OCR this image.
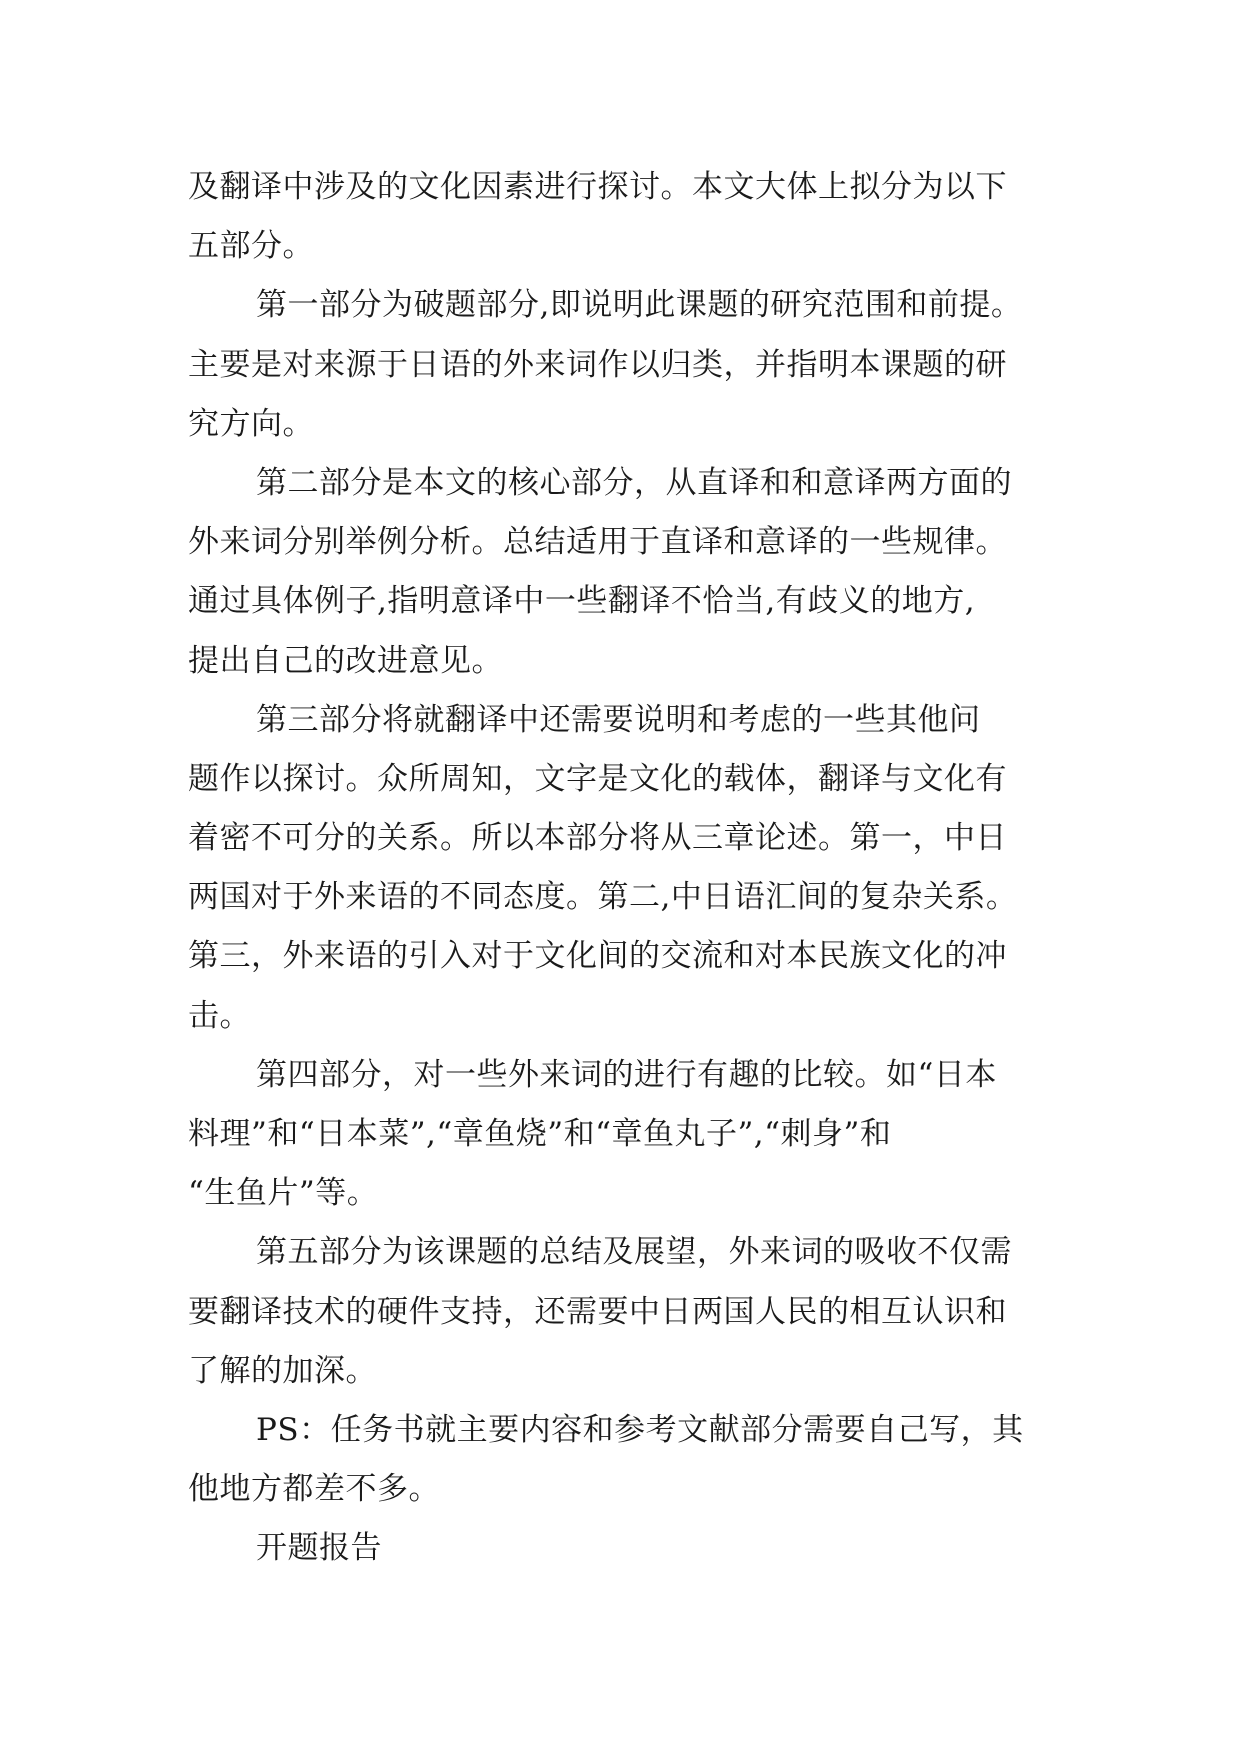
及翻译中涉及的文化因素进行探讨。本文大体上拟分为以下
五部分。
第一部分为破题部分,即说明此课题的研究范围和前提。
主要是对来源于日语的外来词作以归类，并指明本课题的研
究方向。
第二部分是本文的核心部分，从直译和和意译两方面的
外来词分别举例分析。总结适用于直译和意译的一些规律。
通过具体例子,指明意译中一些翻译不恰当,有歧义的地方,
提出自己的改进意见。
第三部分将就翻译中还需要说明和考虑的一些其他问
题作以探讨。众所周知，文字是文化的载体，翻译与文化有
着密不可分的关系。所以本部分将从三章论述。第一，中日
两国对于外来语的不同态度。第二,中日语汇间的复杂关系。
第三，外来语的引入对于文化间的交流和对本民族文化的冲
击。
第四部分，对一些外来词的进行有趣的比较。如“日本
料理”和“日本菜”,“章鱼烧”和“章鱼丸子”,“刺身”和
“生鱼片”等。
第五部分为该课题的总结及展望，外来词的吸收不仅需
要翻译技术的硬件支持，还需要中日两国人民的相互认识和
了解的加深。
PS：任务书就主要内容和参考文献部分需要自己写，其
他地方都差不多。
开题报告
